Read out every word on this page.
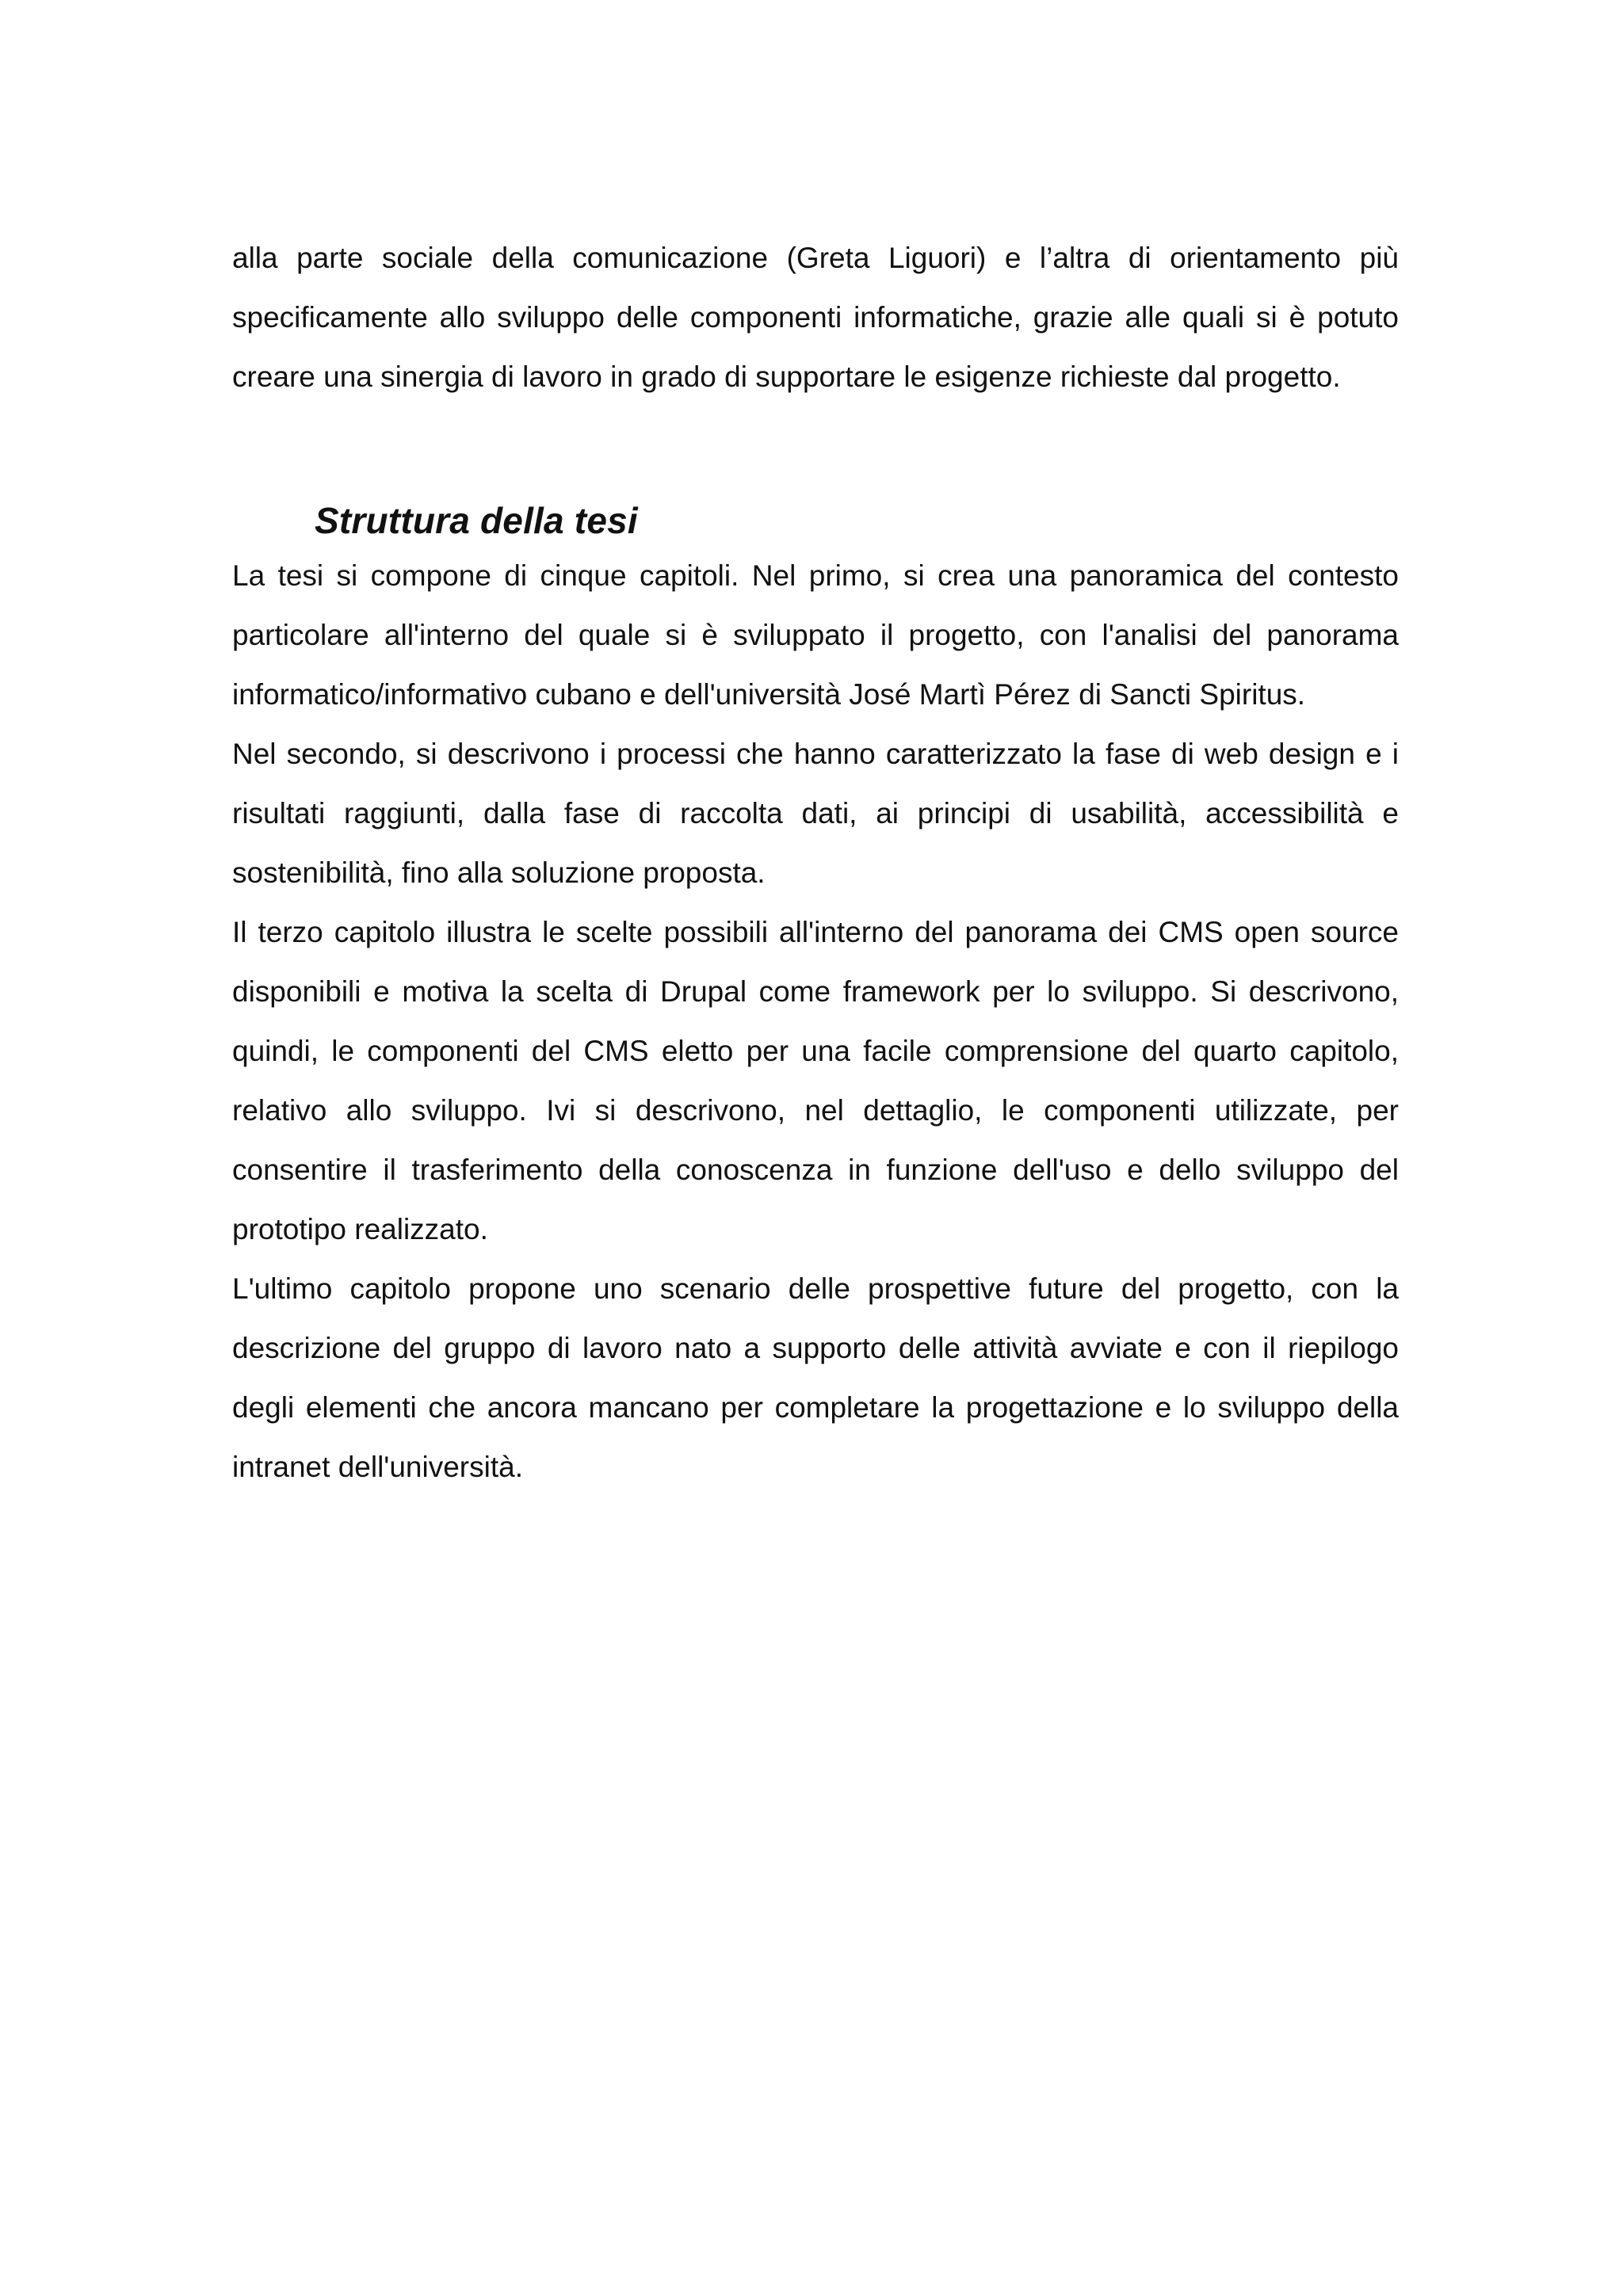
alla parte sociale della comunicazione (Greta Liguori) e l’altra di orientamento più specificamente allo sviluppo delle componenti informatiche, grazie alle quali si è potuto creare una sinergia di lavoro in grado di supportare le esigenze richieste dal progetto.

Struttura della tesi

La tesi si compone di cinque capitoli. Nel primo, si crea una panoramica del contesto particolare all'interno del quale si è sviluppato il progetto, con l'analisi del panorama informatico/informativo cubano e dell'università José Martì Pérez di Sancti Spiritus.

Nel secondo, si descrivono i processi che hanno caratterizzato la fase di web design e i risultati raggiunti, dalla fase di raccolta dati, ai principi di usabilità, accessibilità e sostenibilità, fino alla soluzione proposta.

Il terzo capitolo illustra le scelte possibili all'interno del panorama dei CMS open source disponibili e motiva la scelta di Drupal come framework per lo sviluppo. Si descrivono, quindi, le componenti del CMS eletto per una facile comprensione del quarto capitolo, relativo allo sviluppo. Ivi si descrivono, nel dettaglio, le componenti utilizzate, per consentire il trasferimento della conoscenza in funzione dell'uso e dello sviluppo del prototipo realizzato.

L'ultimo capitolo propone uno scenario delle prospettive future del progetto, con la descrizione del gruppo di lavoro nato a supporto delle attività avviate e con il riepilogo degli elementi che ancora mancano per completare la progettazione e lo sviluppo della intranet dell'università.
